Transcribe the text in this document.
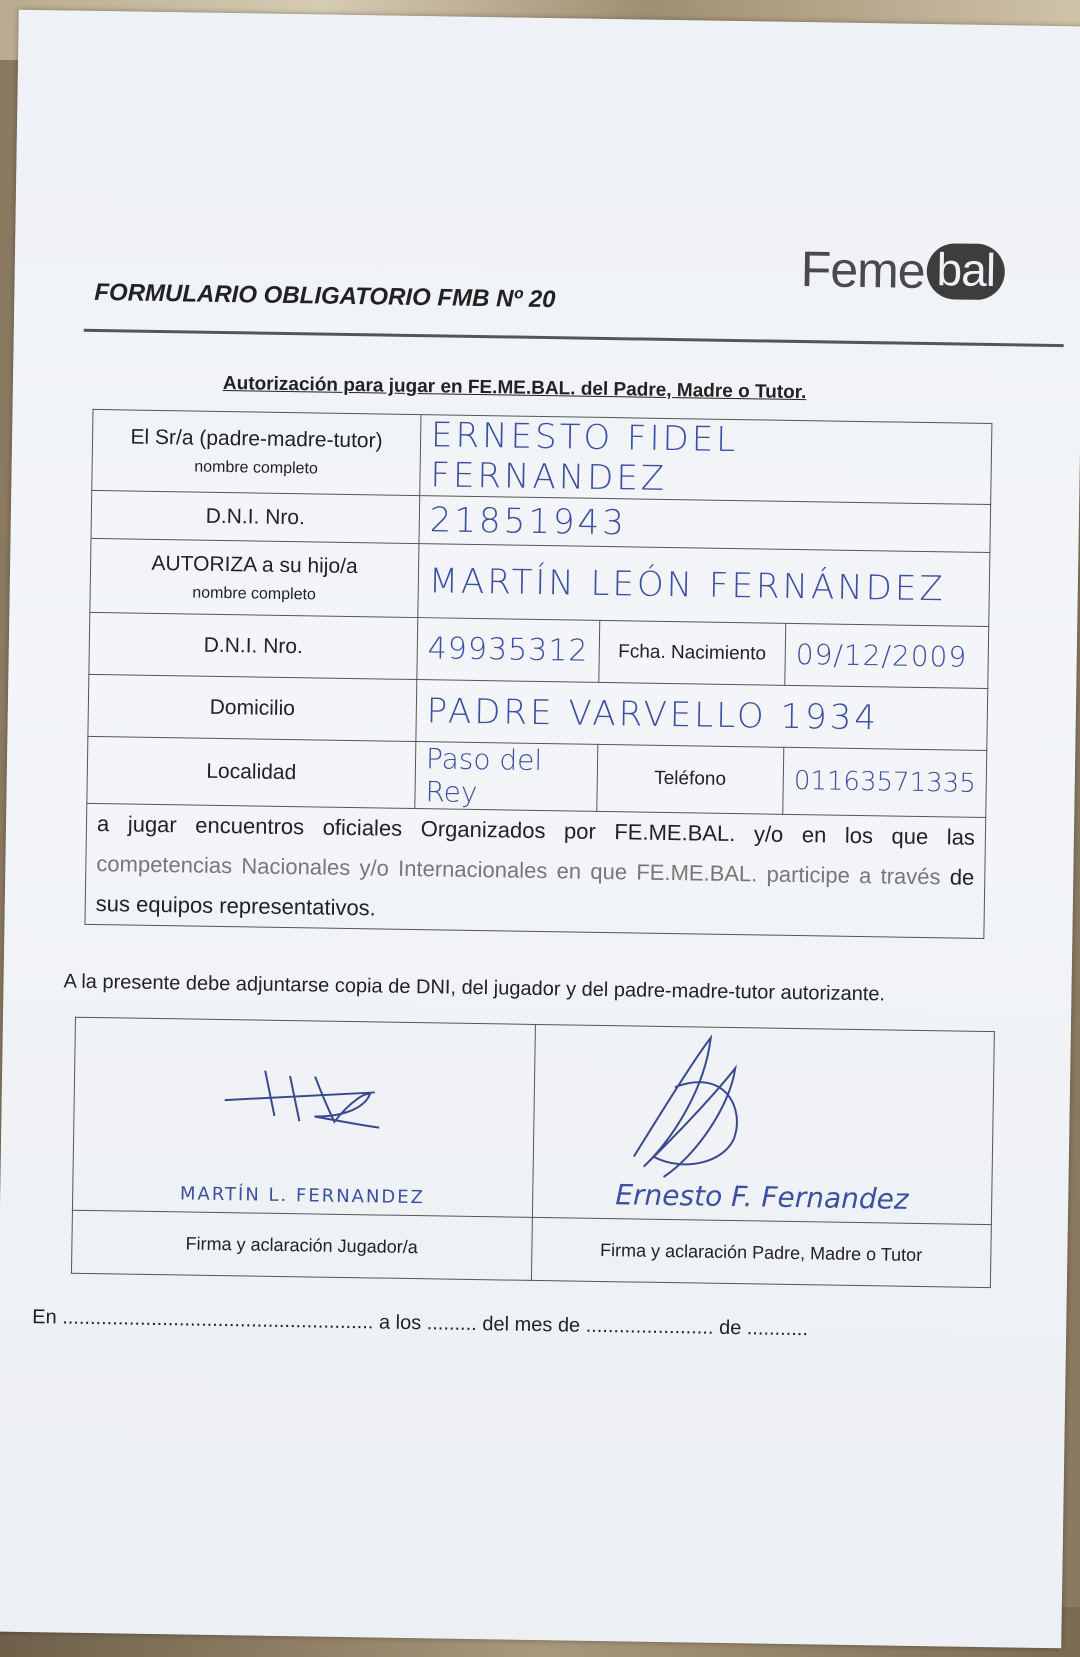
Feme bal
FORMULARIO OBLIGATORIO FMB Nº 20
Autorización para jugar en FE.ME.BAL. del Padre, Madre o Tutor.
El Sr/a (padre-madre-tutor)
nombre completo	ERNESTO FIDEL FERNANDEZ		
D.N.I. Nro.	21851943		
AUTORIZA a su hijo/a
nombre completo	MARTÍN LEÓN FERNÁNDEZ		
D.N.I. Nro.	49935312	Fcha. Nacimiento	09/12/2009
Domicilio	PADRE VARVELLO 1934		
Localidad	Paso del Rey	Teléfono	01163571335
a jugar encuentros oficiales Organizados por FE.ME.BAL. y/o en los que las competencias Nacionales y/o Internacionales en que FE.ME.BAL. participe a través de sus equipos representativos.			
A la presente debe adjuntarse copia de DNI, del jugador y del padre-madre-tutor autorizante.
MARTÍN L. FERNANDEZ	Ernesto F. Fernandez

Firma y aclaración Jugador/a	Firma y aclaración Padre, Madre o Tutor
En ........................................................ a los ......... del mes de ....................... de ...........
